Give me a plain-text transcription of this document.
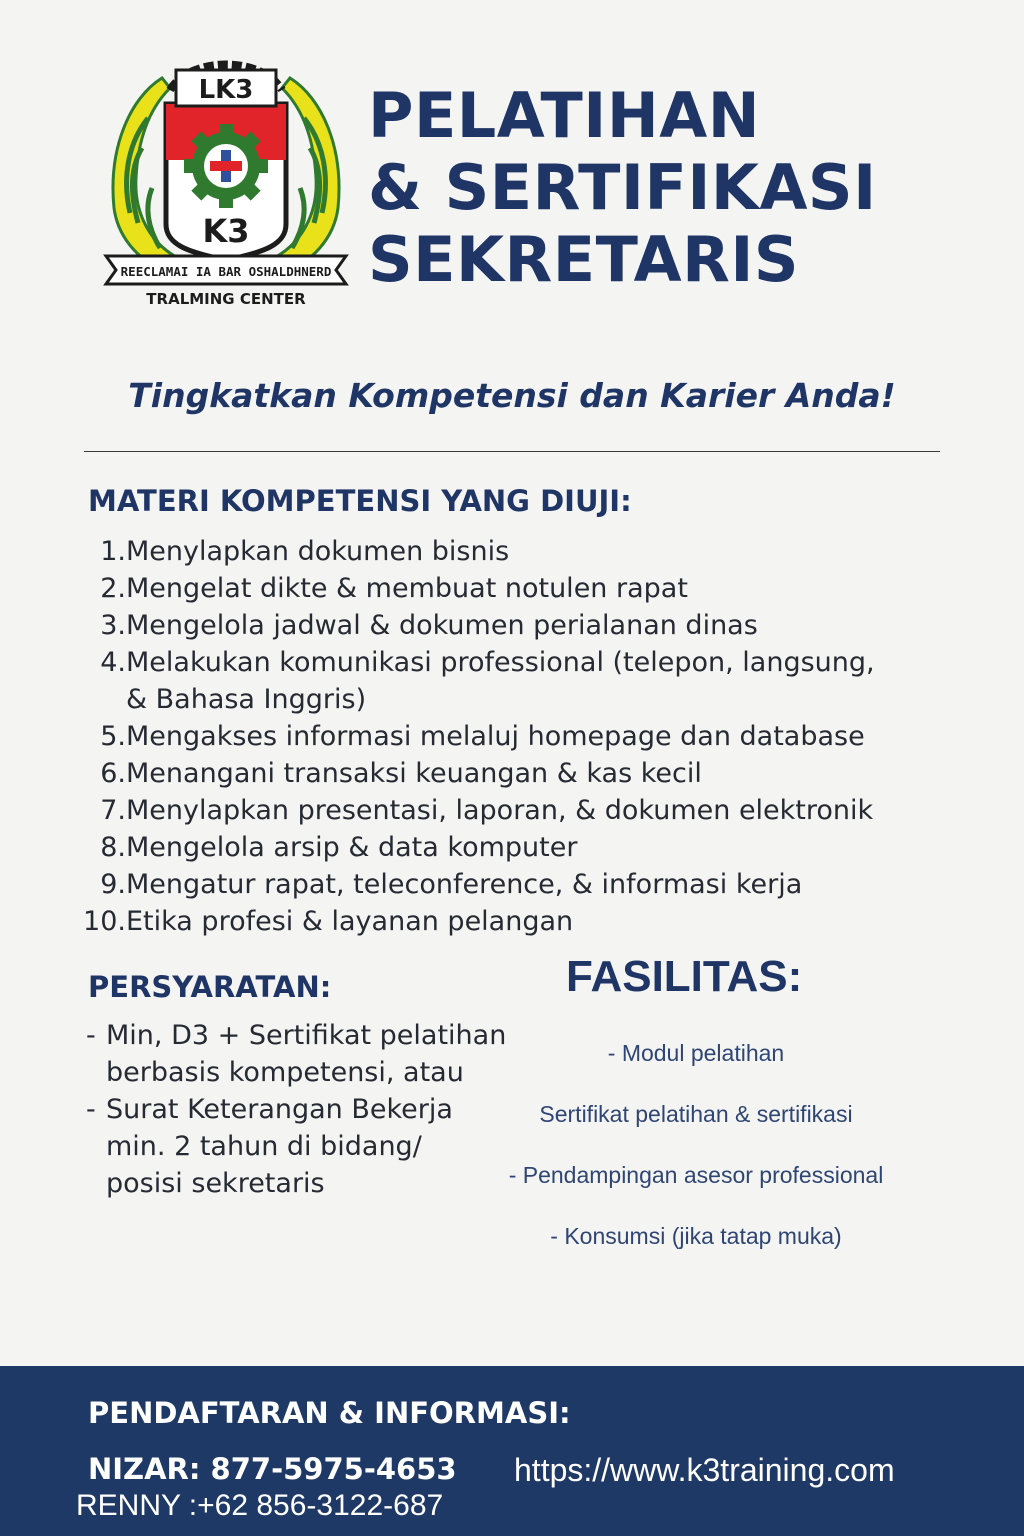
LK3
K3
REECLAMAI IA BAR OSHALDHNERD
TRALMING CENTER
PELATIHAN
& SERTIFIKASI
SEKRETARIS

Tingkatkan Kompetensi dan Karier Anda!

MATERI KOMPETENSI YANG DIUJI:
1. Menylapkan dokumen bisnis
2. Mengelat dikte & membuat notulen rapat
3. Mengelola jadwal & dokumen perialanan dinas
4. Melakukan komunikasi professional (telepon, langsung, & Bahasa Inggris)
5. Mengakses informasi melaluj homepage dan database
6. Menangani transaksi keuangan & kas kecil
7. Menylapkan presentasi, laporan, & dokumen elektronik
8. Mengelola arsip & data komputer
9. Mengatur rapat, teleconference, & informasi kerja
10. Etika profesi & layanan pelangan
PERSYARATAN:
- Min, D3 + Sertifikat pelatihan
berbasis kompetensi, atau
- Surat Keterangan Bekerja
min. 2 tahun di bidang/
posisi sekretaris
FASILITAS:
- Modul pelatihan
Sertifikat pelatihan & sertifikasi
- Pendampingan asesor professional
- Konsumsi (jika tatap muka)
PENDAFTARAN & INFORMASI:
NIZAR: 877-5975-4653 https://www.k3training.com
RENNY :+62 856-3122-687
